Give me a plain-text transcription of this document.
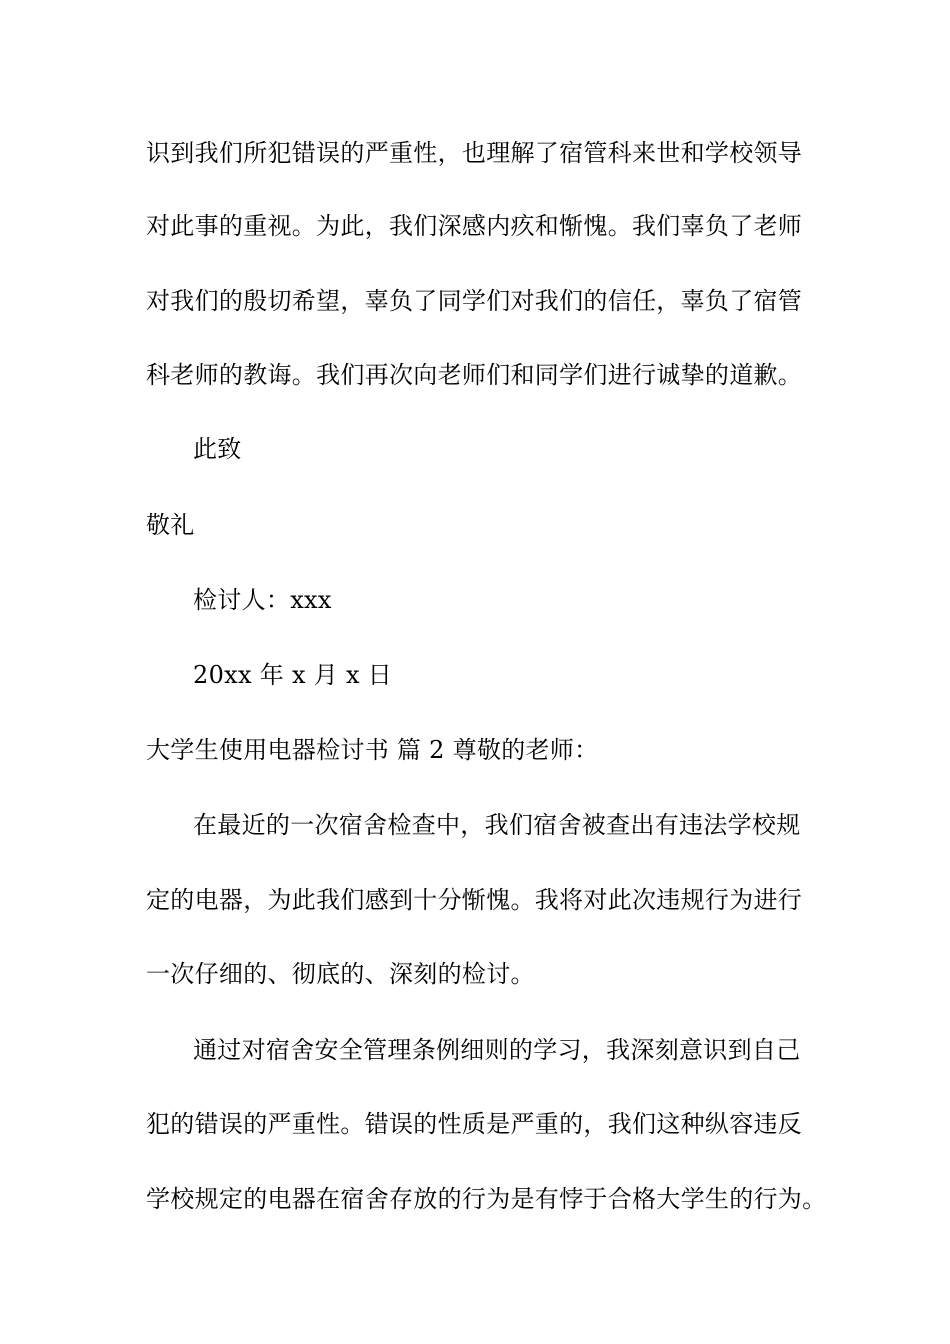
识到我们所犯错误的严重性，也理解了宿管科来世和学校领导
对此事的重视。为此，我们深感内疚和惭愧。我们辜负了老师
对我们的殷切希望，辜负了同学们对我们的信任，辜负了宿管
科老师的教诲。我们再次向老师们和同学们进行诚挚的道歉。
此致
敬礼
检讨人：xxx
20xx 年 x 月 x 日
大学生使用电器检讨书 篇 2 尊敬的老师：
在最近的一次宿舍检查中，我们宿舍被查出有违法学校规
定的电器，为此我们感到十分惭愧。我将对此次违规行为进行
一次仔细的、彻底的、深刻的检讨。
通过对宿舍安全管理条例细则的学习，我深刻意识到自己
犯的错误的严重性。错误的性质是严重的，我们这种纵容违反
学校规定的电器在宿舍存放的行为是有悖于合格大学生的行为。
